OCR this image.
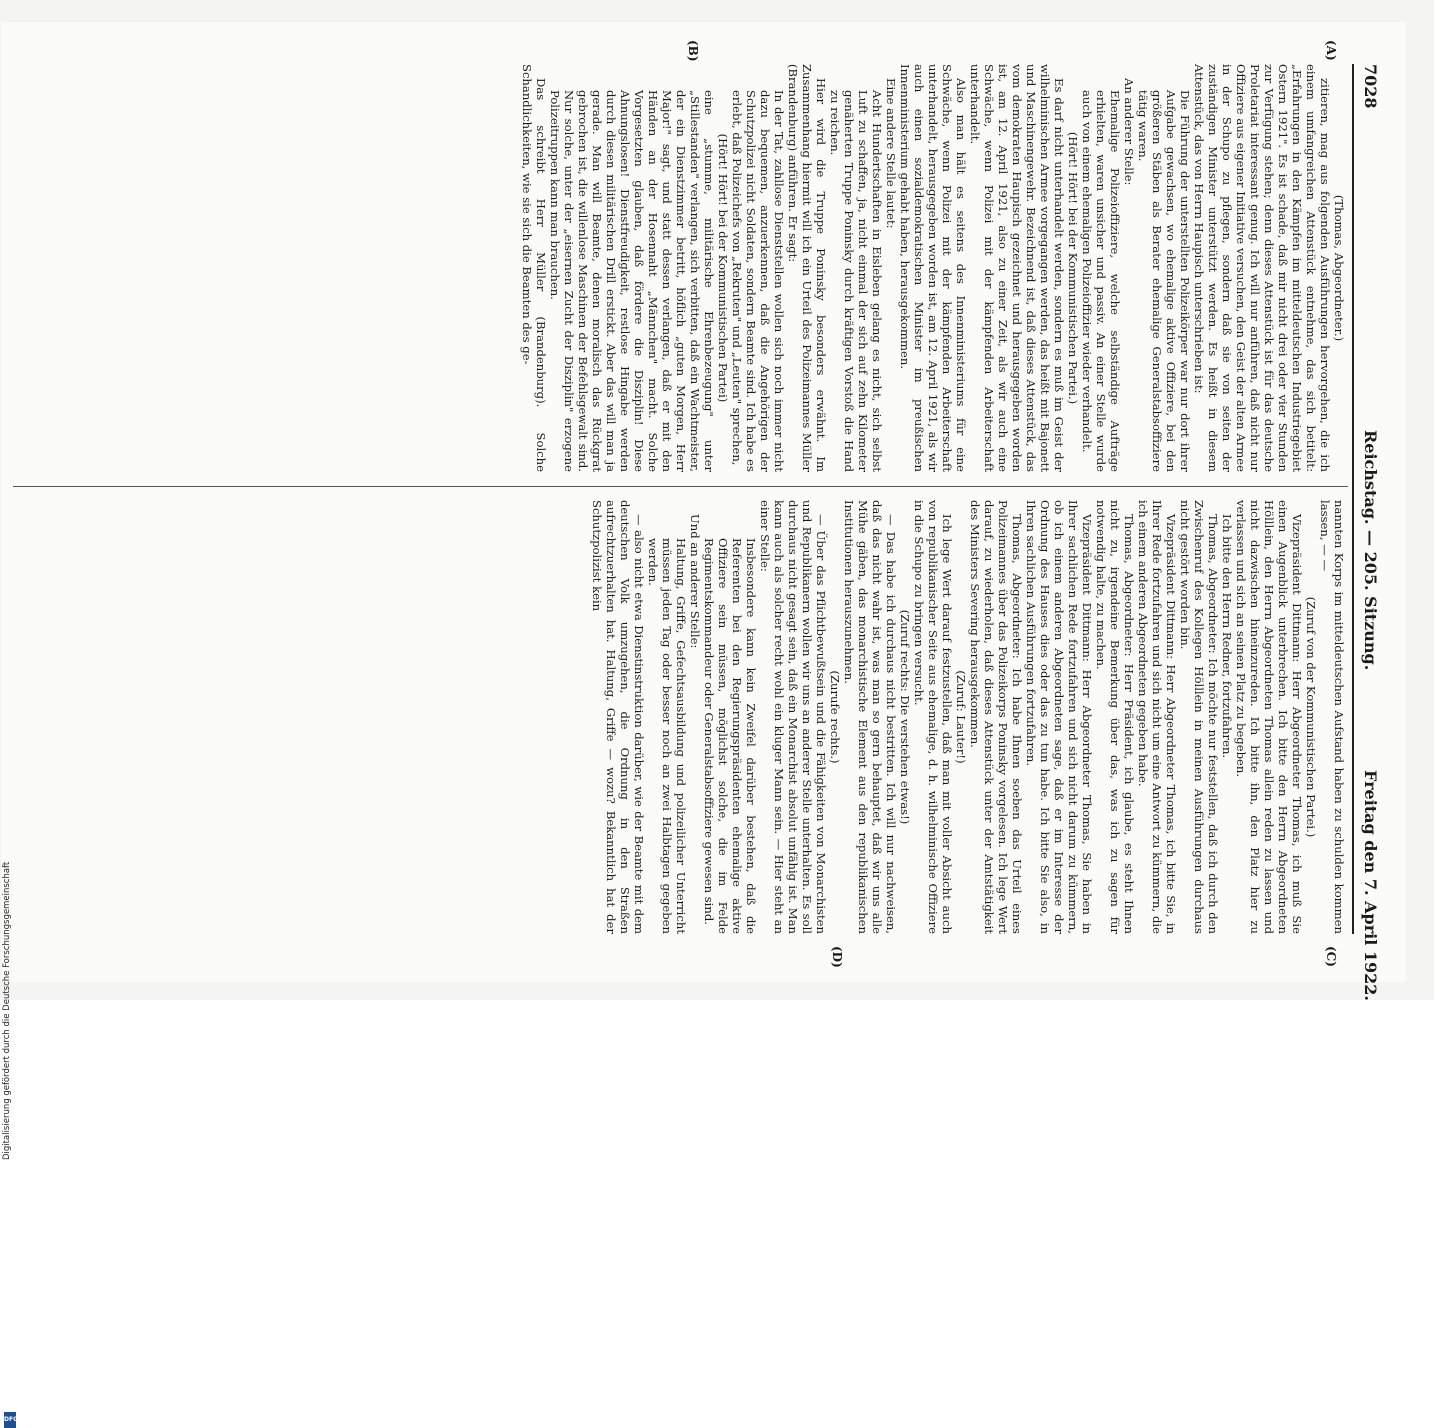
7028
Reichstag. — 205. Sitzung.
Freitag den 7. April 1922.
(A)
(B)
(C)
(D)

(Thomas, Abgeordneter.)

zitieren, mag aus folgenden Ausführungen hervorgehen, die ich einem umfangreichen Attenstück entnehme, das sich betitelt: „Erfahrungen in den Kämpfen im mitteldeutschen Industriegebiet Ostern 1921". Es ist schade, daß mir nicht drei oder vier Stunden zur Verfügung stehen; denn dieses Attenstück ist für das deutsche Proletariat interessant genug. Ich will nur anführen, daß nicht nur Offiziere aus eigener Initiative versuchen, den Geist der alten Armee in der Schupo zu pflegen, sondern daß sie von seiten der zuständigen Minister unterstützt werden. Es heißt in diesem Attenstück, das von Herrn Haupisch unterschrieben ist:

Die Führung der unterstellten Polizeikörper war nur dort ihrer Aufgabe gewachsen, wo ehemalige aktive Offiziere, bei den größeren Stäben als Berater ehemalige Generalstabsoffiziere tätig waren.

An anderer Stelle:

Ehemalige Polizeioffiziere, welche selbständige Aufträge erhielten, waren unsicher und passiv. An einer Stelle wurde auch von einem ehemaligen Polizeioffizier wieder verhandelt.

(Hört! Hört! bei der Kommunistischen Partei.)

Es darf nicht unterhandelt werden, sondern es muß im Geist der wilhelminischen Armee vorgegangen werden, das heißt mit Bajonett und Maschinengewehr. Bezeichnend ist, daß dieses Attenstück, das vom demokraten Haupisch gezeichnet und herausgegeben worden ist, am 12. April 1921, also zu einer Zeit, als wir auch eine Schwäche, wenn Polizei mit der kämpfenden Arbeiterschaft unterhandelt.

Also man hält es seitens des Innenministeriums für eine Schwäche, wenn Polizei mit der kämpfenden Arbeiterschaft unterhandelt, herausgegeben worden ist, am 12. April 1921, als wir auch einen sozialdemokratischen Minister im preußischen Innenministerium gehabt haben, herausgekommen.

Eine andere Stelle lautet:

Acht Hundertschaften in Eisleben gelang es nicht, sich selbst Luft zu schaffen, ja, nicht einmal der sich auf zehn Kilometer genäherten Truppe Poninsky durch kräftigen Vorstoß die Hand zu reichen.

Hier wird die Truppe Poninsky besonders erwähnt. Im Zusammenhang hiermit will ich ein Urteil des Polizeimannes Müller (Brandenburg) anführen. Er sagt:

In der Tat, zahllose Dienststellen wollen sich noch immer nicht dazu bequemen, anzuerkennen, daß die Angehörigen der Schutzpolizei nicht Soldaten, sondern Beamte sind. Ich habe es erlebt, daß Polizeichefs von „Rekruten" und „Leuten" sprechen,

(Hört! Hört! bei der Kommunistischen Partei)

eine „stumme, militärische Ehrenbezeugung" unter „Stillestanden" verlangen, sich verbitten, daß ein Wachtmeister, der ein Dienstzimmer betritt, höflich „guten Morgen, Herr Major!" sagt, und statt dessen verlangen, daß er mit den Händen an der Hosennaht „Männchen" macht. Solche Vorgesetzten glauben, daß fördere die Disziplin! Diese Ahnungslosen! Dienstfreudigkeit, restlose Hingabe werden durch diesen militärischen Drill erstickt. Aber das will man ja gerade. Man will Beamte, denen moralisch das Rückgrat gebrochen ist, die willenlose Maschinen der Befehlsgewalt sind. Nur solche, unter der „eisernen Zucht der Disziplin" erzogene Polizeitruppen kann man brauchen.

Das schreibt Herr Müller (Brandenburg). Solche Schandlichkeiten, wie sie sich die Beamten des ge-

nannten Korps im mitteldeutschen Aufstand haben zu schulden kommen lassen, — —

(Zuruf von der Kommunistischen Partei.)

Vizepräsident Dittmann: Herr Abgeordneter Thomas, ich muß Sie einen Augenblick unterbrechen. Ich bitte den Herrn Abgeordneten Hölllein, den Herrn Abgeordneten Thomas allein reden zu lassen und nicht dazwischen hineinzureden. Ich bitte ihn, den Platz hier zu verlassen und sich an seinen Platz zu begeben.

Ich bitte den Herrn Redner, fortzufahren.

Thomas, Abgeordneter: Ich möchte nur feststellen, daß ich durch den Zwischenruf des Kollegen Hölllein in meinen Ausführungen durchaus nicht gestört worden bin.

Vizepräsident Dittmann: Herr Abgeordneter Thomas, ich bitte Sie, in Ihrer Rede fortzufahren und sich nicht um eine Antwort zu kümmern, die ich einem anderen Abgeordneten gegeben habe.

Thomas, Abgeordneter: Herr Präsident, ich glaube, es steht Ihnen nicht zu, irgendeine Bemerkung über das, was ich zu sagen für notwendig halte, zu machen.

Vizepräsident Dittmann: Herr Abgeordneter Thomas, Sie haben in Ihrer sachlichen Rede fortzufahren und sich nicht darum zu kümmern, ob ich einem anderen Abgeordneten sage, daß er im Interesse der Ordnung des Hauses dies oder das zu tun habe. Ich bitte Sie also, in Ihren sachlichen Ausführungen fortzufahren.

Thomas, Abgeordneter: Ich habe Ihnen soeben das Urteil eines Polizeimannes über das Polizeikorps Poninsky vorgelesen. Ich lege Wert darauf, zu wiederholen, daß dieses Attenstück unter der Amtstätigkeit des Ministers Severing herausgekommen.

(Zuruf: Lauter!)

Ich lege Wert darauf festzustellen, daß man mit voller Absicht auch von republikanischer Seite aus ehemalige, d. h. wilhelminische Offiziere in die Schupo zu bringen versucht.

(Zuruf rechts: Die verstehen etwas!)

— Das habe ich durchaus nicht bestritten. Ich will nur nachweisen, daß das nicht wahr ist, was man so gern behauptet, daß wir uns alle Mühe gäben, das monarchistische Element aus den republikanischen Institutionen herauszunehmen.

(Zurufe rechts.)

— Über das Pflichtbewußtsein und die Fähigkeiten von Monarchisten und Republikanern wollen wir uns an anderer Stelle unterhalten. Es soll durchaus nicht gesagt sein, daß ein Monarchist absolut unfähig ist. Man kann auch als solcher recht wohl ein kluger Mann sein. — Hier steht an einer Stelle:

Insbesondere kann kein Zweifel darüber bestehen, daß die Referenten bei den Regierungspräsidenten ehemalige aktive Offiziere sein müssen, möglichst solche, die im Felde Regimentskommandeur oder Generalstabsoffiziere gewesen sind.

Und an anderer Stelle:

Haltung, Griffe, Gefechtsausbildung und polizeilicher Unterricht müssen jeden Tag oder besser noch an zwei Halbtagen gegeben werden.

— also nicht etwa Dienstinstruktion darüber, wie der Beamte mit dem deutschen Volk umzugehen, die Ordnung in den Straßen aufrechtzuerhalten hat. Haltung, Griffe — wozu? Bekanntlich hat der Schutzpolizist kein

Digitalisierung gefördert durch die Deutsche Forschungsgemeinschaft
DFG
